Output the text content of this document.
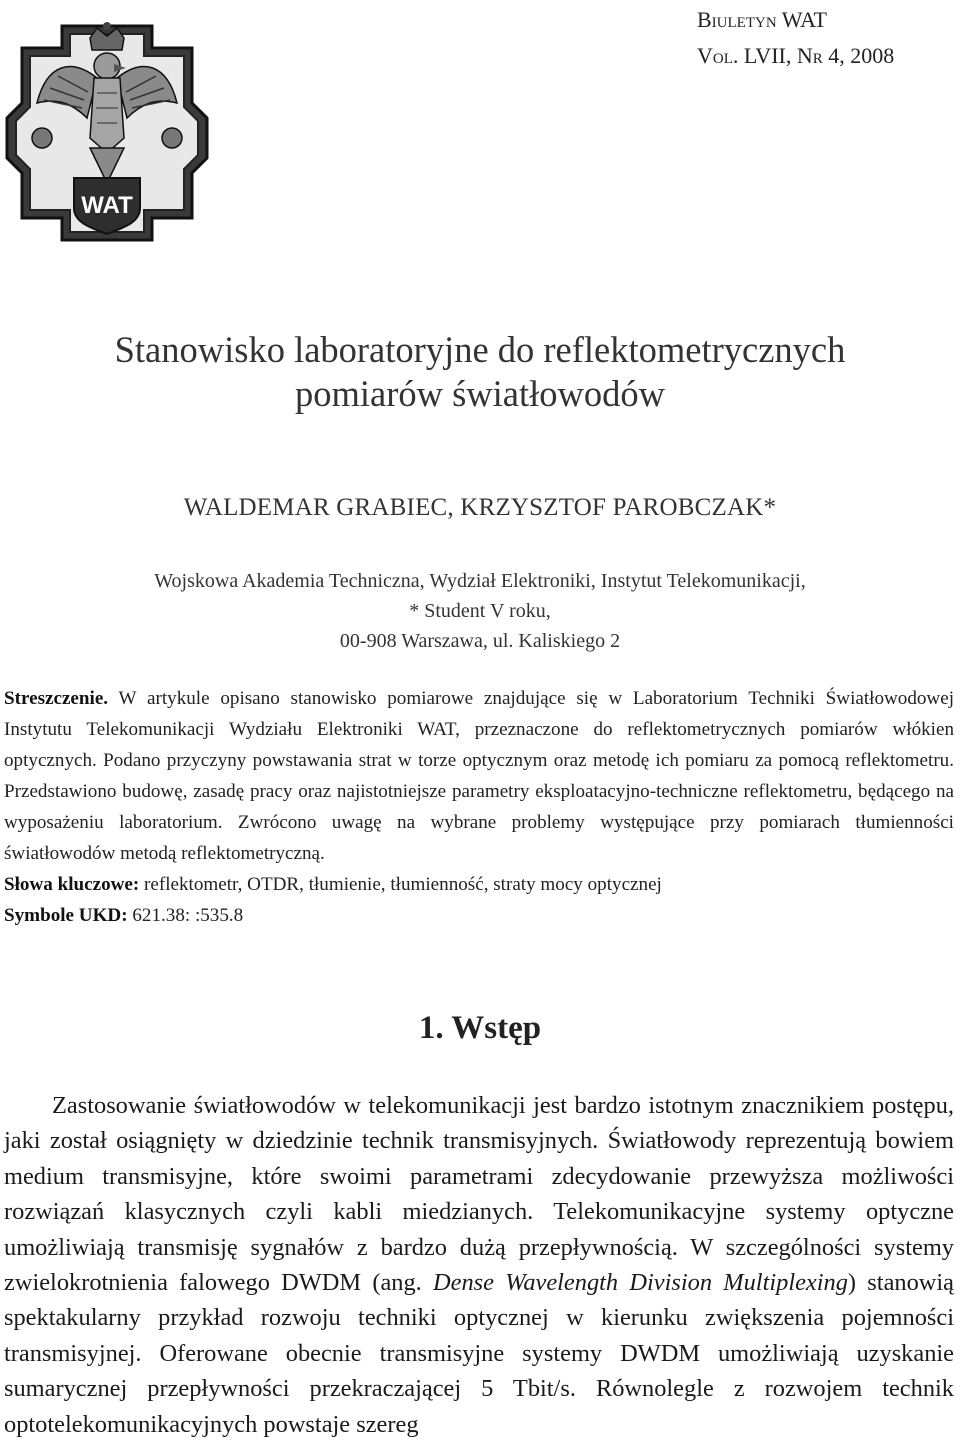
WAT
Biuletyn WAT
Vol. LVII, Nr 4, 2008
Stanowisko laboratoryjne do reflektometrycznych
pomiarów światłowodów
WALDEMAR GRABIEC, KRZYSZTOF PAROBCZAK*
Wojskowa Akademia Techniczna, Wydział Elektroniki, Instytut Telekomunikacji,
* Student V roku,
00-908 Warszawa, ul. Kaliskiego 2

Streszczenie. W artykule opisano stanowisko pomiarowe znajdujące się w Laboratorium Techniki Światłowodowej Instytutu Telekomunikacji Wydziału Elektroniki WAT, przeznaczone do reflektometrycznych pomiarów włókien optycznych. Podano przyczyny powstawania strat w torze optycznym oraz metodę ich pomiaru za pomocą reflektometru. Przedstawiono budowę, zasadę pracy oraz najistotniejsze parametry eksploatacyjno-techniczne reflektometru, będącego na wyposażeniu laboratorium. Zwrócono uwagę na wybrane problemy występujące przy pomiarach tłumienności światłowodów metodą reflektometryczną.

Słowa kluczowe: reflektometr, OTDR, tłumienie, tłumienność, straty mocy optycznej

Symbole UKD: 621.38: :535.8

1. Wstęp

Zastosowanie światłowodów w telekomunikacji jest bardzo istotnym znacznikiem postępu, jaki został osiągnięty w dziedzinie technik transmisyjnych. Światłowody reprezentują bowiem medium transmisyjne, które swoimi parametrami zdecydowanie przewyższa możliwości rozwiązań klasycznych czyli kabli miedzianych. Telekomunikacyjne systemy optyczne umożliwiają transmisję sygnałów z bardzo dużą przepływnością. W szczególności systemy zwielokrotnienia falowego DWDM (ang. Dense Wavelength Division Multiplexing) stanowią spektakularny przykład rozwoju techniki optycznej w kierunku zwiększenia pojemności transmisyjnej. Oferowane obecnie transmisyjne systemy DWDM umożliwiają uzyskanie sumarycznej przepływności przekraczającej 5 Tbit/s. Równolegle z rozwojem technik optotelekomunikacyjnych powstaje szereg
